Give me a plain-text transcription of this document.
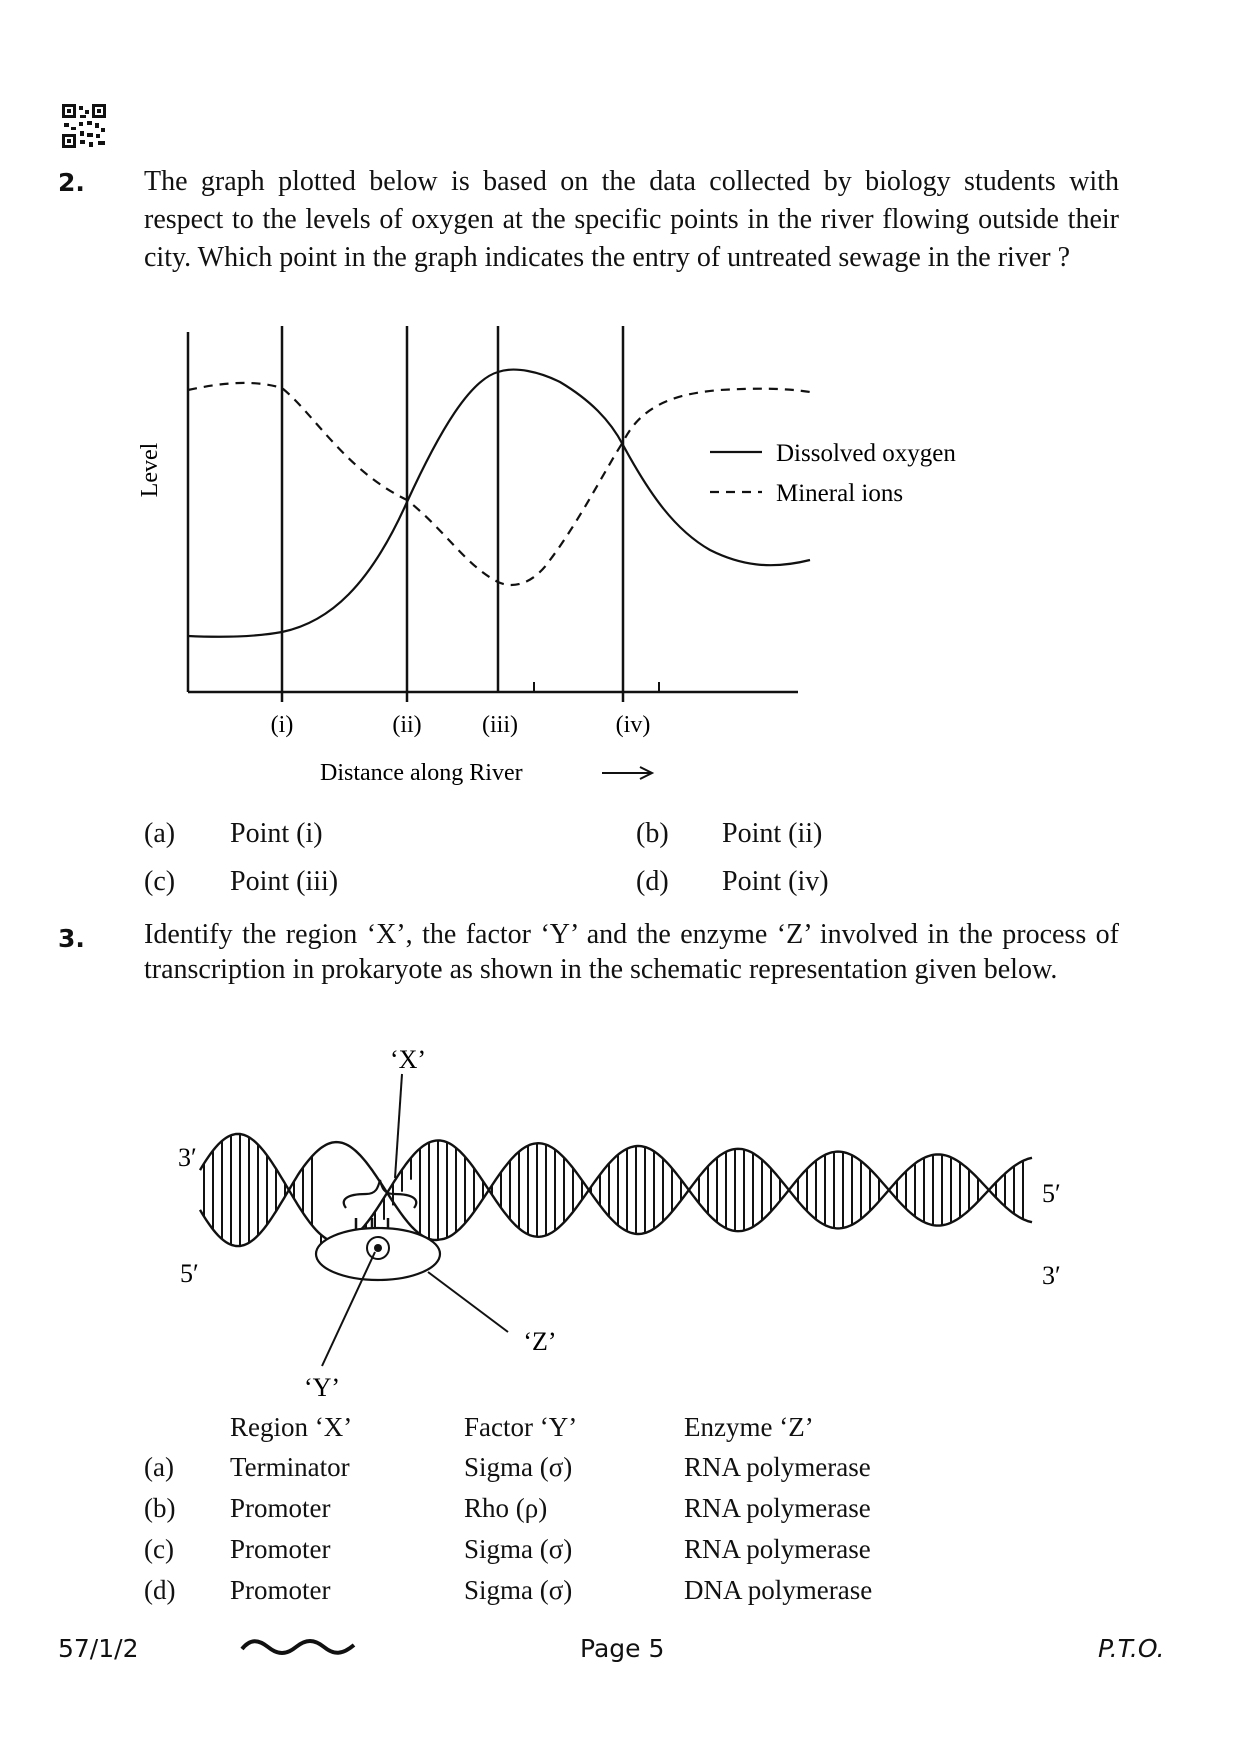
2. The graph plotted below is based on the data collected by biology students with respect to the levels of oxygen at the specific points in the river flowing outside their city. Which point in the graph indicates the entry of untreated sewage in the river ?
Level
(i)	(ii)	(iii)	(iv)
Distance along River
Dissolved oxygen
Mineral ions
(a) Point (i)	(b) Point (ii)
(c) Point (iii)	(d) Point (iv)
3. Identify the region ‘X’, the factor ‘Y’ and the enzyme ‘Z’ involved in the process of transcription in prokaryote as shown in the schematic representation given below.
‘X’
‘Y’
‘Z’
3′
5′
5′
3′
Region ‘X’	Factor ‘Y’	Enzyme ‘Z’
(a) Terminator	Sigma (σ)	RNA polymerase
(b) Promoter	Rho (ρ)	RNA polymerase
(c) Promoter	Sigma (σ)	RNA polymerase
(d) Promoter	Sigma (σ)	DNA polymerase
57/1/2	Page 5	P.T.O.
